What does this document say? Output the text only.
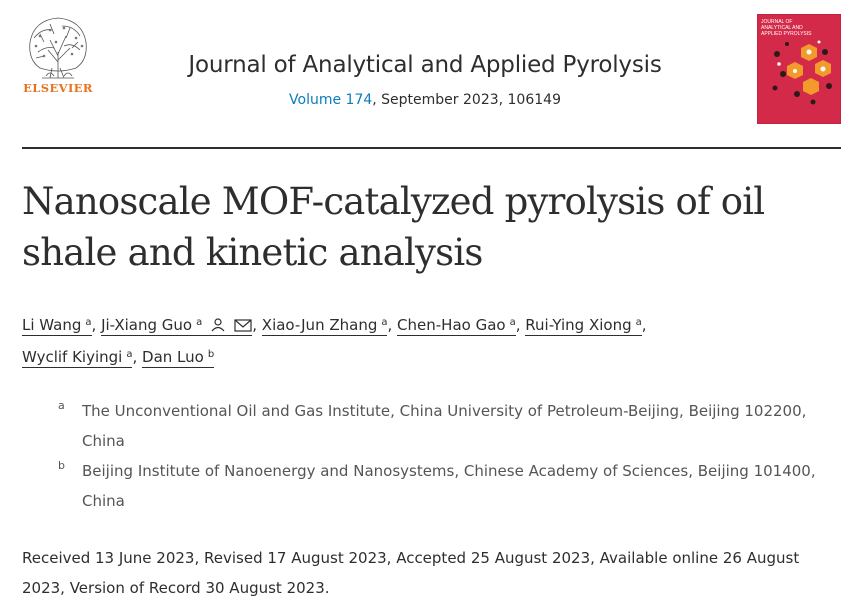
ELSEVIER
Journal of Analytical and Applied Pyrolysis
Volume 174, September 2023, 106149
JOURNAL OF
ANALYTICAL AND
APPLIED PYROLYSIS
Nanoscale MOF-catalyzed pyrolysis of oil shale and kinetic analysis
Li Wang $^a$, Ji-Xiang Guo $^a$	, Xiao-Jun Zhang $^a$, Chen-Hao Gao $^a$, Rui-Ying Xiong $^a$,
Wyclif Kiyingi $^a$, Dan Luo $^b$
a The Unconventional Oil and Gas Institute, China University of Petroleum-Beijing, Beijing 102200, China
b Beijing Institute of Nanoenergy and Nanosystems, Chinese Academy of Sciences, Beijing 101400, China
Received 13 June 2023, Revised 17 August 2023, Accepted 25 August 2023, Available online 26 August 2023, Version of Record 30 August 2023.
